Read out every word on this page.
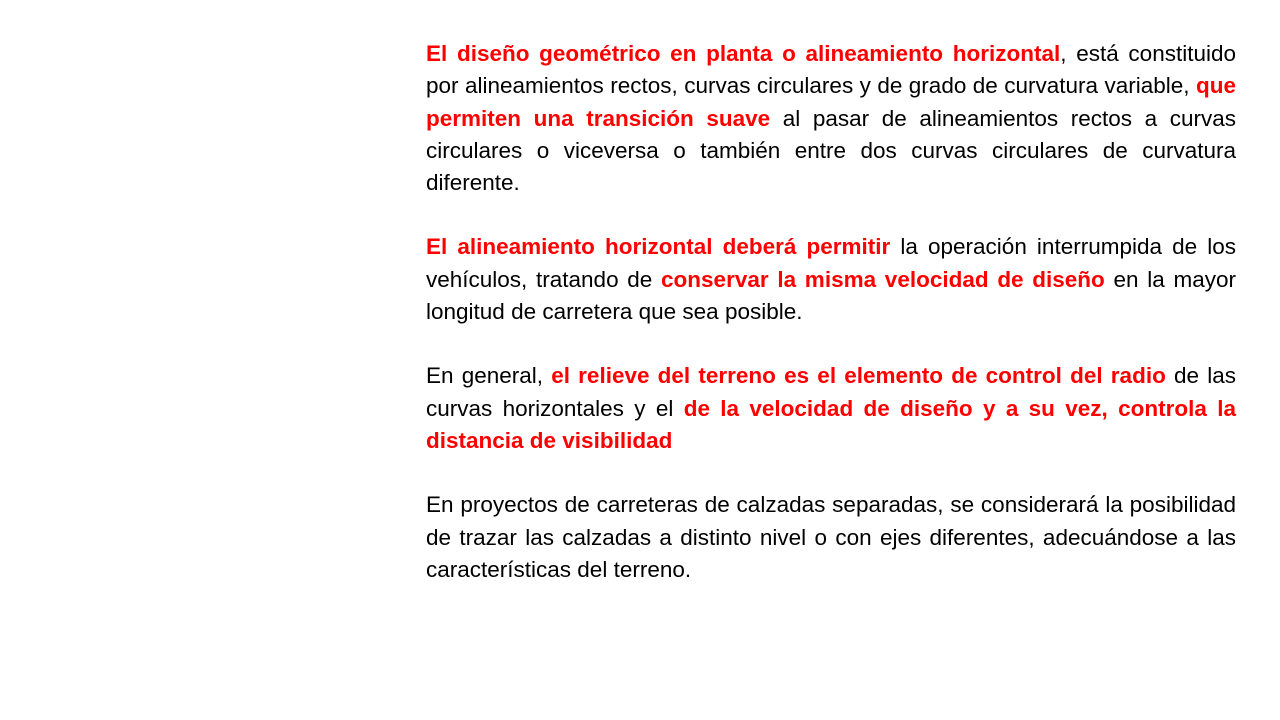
El diseño geométrico en planta o alineamiento horizontal, está constituido por alineamientos rectos, curvas circulares y de grado de curvatura variable, que permiten una transición suave al pasar de alineamientos rectos a curvas circulares o viceversa o también entre dos curvas circulares de curvatura diferente.

El alineamiento horizontal deberá permitir la operación interrumpida de los vehículos, tratando de conservar la misma velocidad de diseño en la mayor longitud de carretera que sea posible.

En general, el relieve del terreno es el elemento de control del radio de las curvas horizontales y el de la velocidad de diseño y a su vez, controla la distancia de visibilidad

En proyectos de carreteras de calzadas separadas, se considerará la posibilidad de trazar las calzadas a distinto nivel o con ejes diferentes, adecuándose a las características del terreno.
